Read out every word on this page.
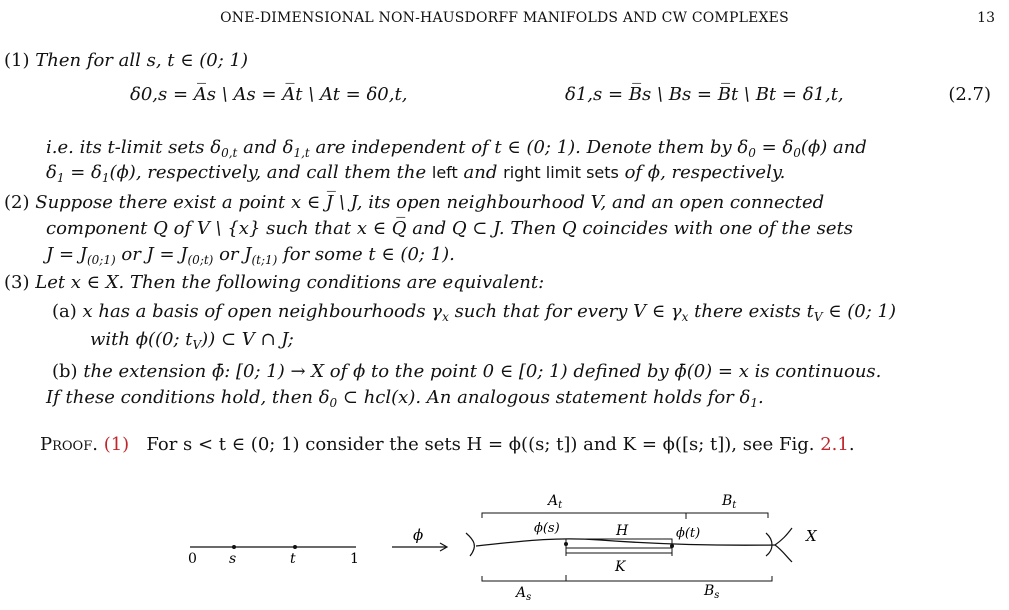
ONE-DIMENSIONAL NON-HAUSDORFF MANIFOLDS AND CW COMPLEXES	13
(1) Then for all s, t ∈ (0; 1)
δ0,s = A̅s \ As = A̅t \ At = δ0,t,	δ1,s = B̅s \ Bs = B̅t \ Bt = δ1,t,	(2.7)
i.e. its t-limit sets $\delta_{0,t}$ and $\delta_{1,t}$ are independent of t ∈ (0; 1). Denote them by $\delta_0 = \delta_0(\phi)$ and
$\delta_1 = \delta_1(\phi)$, respectively, and call them the left and right limit sets of ϕ, respectively.
(2) Suppose there exist a point x ∈ J̅ \ J, its open neighbourhood V, and an open connected
component Q of V \ {x} such that x ∈ Q̅ and Q ⊂ J. Then Q coincides with one of the sets
$J = J_{(0;1)}$ or $J = J_{(0;t)}$ or $J_{(t;1)}$ for some t ∈ (0; 1).
(3) Let x ∈ X. Then the following conditions are equivalent:
(a) x has a basis of open neighbourhoods $\gamma_x$ such that for every V ∈ $\gamma_x$ there exists $t_V$ ∈ (0; 1)
with ϕ((0; $t_V$)) ⊂ V ∩ J;
(b) the extension ϕ̄: [0; 1) → X of ϕ to the point 0 ∈ [0; 1) defined by ϕ̄(0) = x is continuous.
If these conditions hold, then $\delta_0$ ⊂ hcl(x). An analogous statement holds for $\delta_1$.
Proof. (1) For s < t ∈ (0; 1) consider the sets H = ϕ((s; t]) and K = ϕ([s; t]), see Fig. 2.1.
0 s	t	1
ϕ
$A_t$	$B_t$
ϕ(s)	ϕ(t)
H
K
X
$A_s$	$B_s$
